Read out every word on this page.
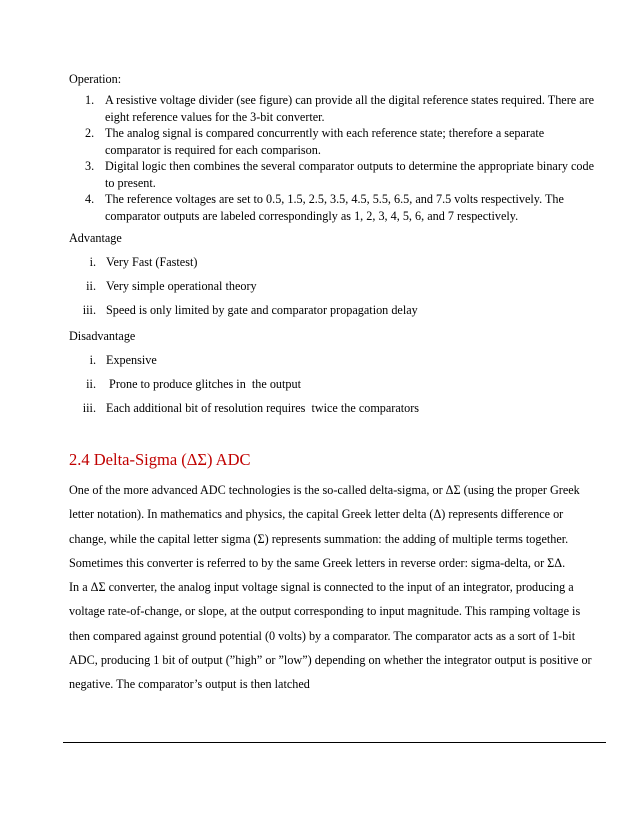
Operation:

1. A resistive voltage divider (see figure) can provide all the digital reference states required. There are eight reference values for the 3-bit converter.
2. The analog signal is compared concurrently with each reference state; therefore a separate comparator is required for each comparison.
3. Digital logic then combines the several comparator outputs to determine the appropriate binary code to present.
4. The reference voltages are set to 0.5, 1.5, 2.5, 3.5, 4.5, 5.5, 6.5, and 7.5 volts respectively. The comparator outputs are labeled correspondingly as 1, 2, 3, 4, 5, 6, and 7 respectively.

Advantage

i. Very Fast (Fastest)
ii. Very simple operational theory
iii. Speed is only limited by gate and comparator propagation delay

Disadvantage

i. Expensive
ii. Prone to produce glitches in  the output
iii. Each additional bit of resolution requires  twice the comparators

2.4 Delta-Sigma (ΔΣ) ADC

One of the more advanced ADC technologies is the so-called delta-sigma, or ΔΣ (using the proper Greek letter notation). In mathematics and physics, the capital Greek letter delta (Δ) represents difference or change, while the capital letter sigma (Σ) represents summation: the adding of multiple terms together. Sometimes this converter is referred to by the same Greek letters in reverse order: sigma-delta, or ΣΔ.

In a ΔΣ converter, the analog input voltage signal is connected to the input of an integrator, producing a voltage rate-of-change, or slope, at the output corresponding to input magnitude. This ramping voltage is then compared against ground potential (0 volts) by a comparator. The comparator acts as a sort of 1-bit ADC, producing 1 bit of output (”high” or ”low”) depending on whether the integrator output is positive or negative. The comparator’s output is then latched
